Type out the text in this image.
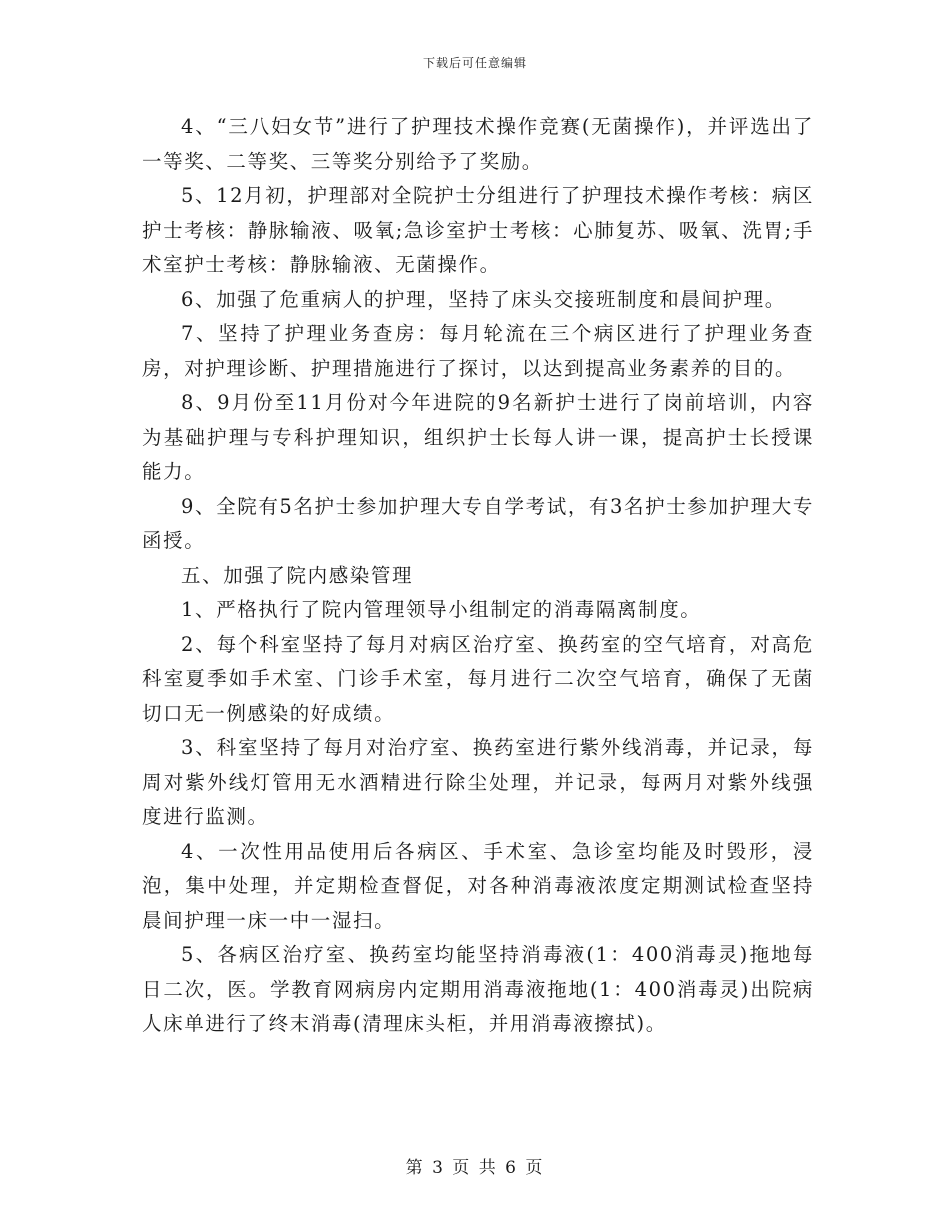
下载后可任意编辑

4、“三八妇女节”进行了护理技术操作竞赛(无菌操作)，并评选出了一等奖、二等奖、三等奖分别给予了奖励。

5、12月初，护理部对全院护士分组进行了护理技术操作考核：病区护士考核：静脉输液、吸氧;急诊室护士考核：心肺复苏、吸氧、洗胃;手术室护士考核：静脉输液、无菌操作。

6、加强了危重病人的护理，坚持了床头交接班制度和晨间护理。

7、坚持了护理业务查房：每月轮流在三个病区进行了护理业务查房，对护理诊断、护理措施进行了探讨，以达到提高业务素养的目的。

8、9月份至11月份对今年进院的9名新护士进行了岗前培训，内容为基础护理与专科护理知识，组织护士长每人讲一课，提高护士长授课能力。

9、全院有5名护士参加护理大专自学考试，有3名护士参加护理大专函授。

五、加强了院内感染管理

1、严格执行了院内管理领导小组制定的消毒隔离制度。

2、每个科室坚持了每月对病区治疗室、换药室的空气培育，对高危科室夏季如手术室、门诊手术室，每月进行二次空气培育，确保了无菌切口无一例感染的好成绩。

3、科室坚持了每月对治疗室、换药室进行紫外线消毒，并记录，每周对紫外线灯管用无水酒精进行除尘处理，并记录，每两月对紫外线强度进行监测。

4、一次性用品使用后各病区、手术室、急诊室均能及时毁形，浸泡，集中处理，并定期检查督促，对各种消毒液浓度定期测试检查坚持晨间护理一床一中一湿扫。

5、各病区治疗室、换药室均能坚持消毒液(1：400消毒灵)拖地每日二次，医。学教育网病房内定期用消毒液拖地(1：400消毒灵)出院病人床单进行了终末消毒(清理床头柜，并用消毒液擦拭)。

第 3 页 共 6 页
